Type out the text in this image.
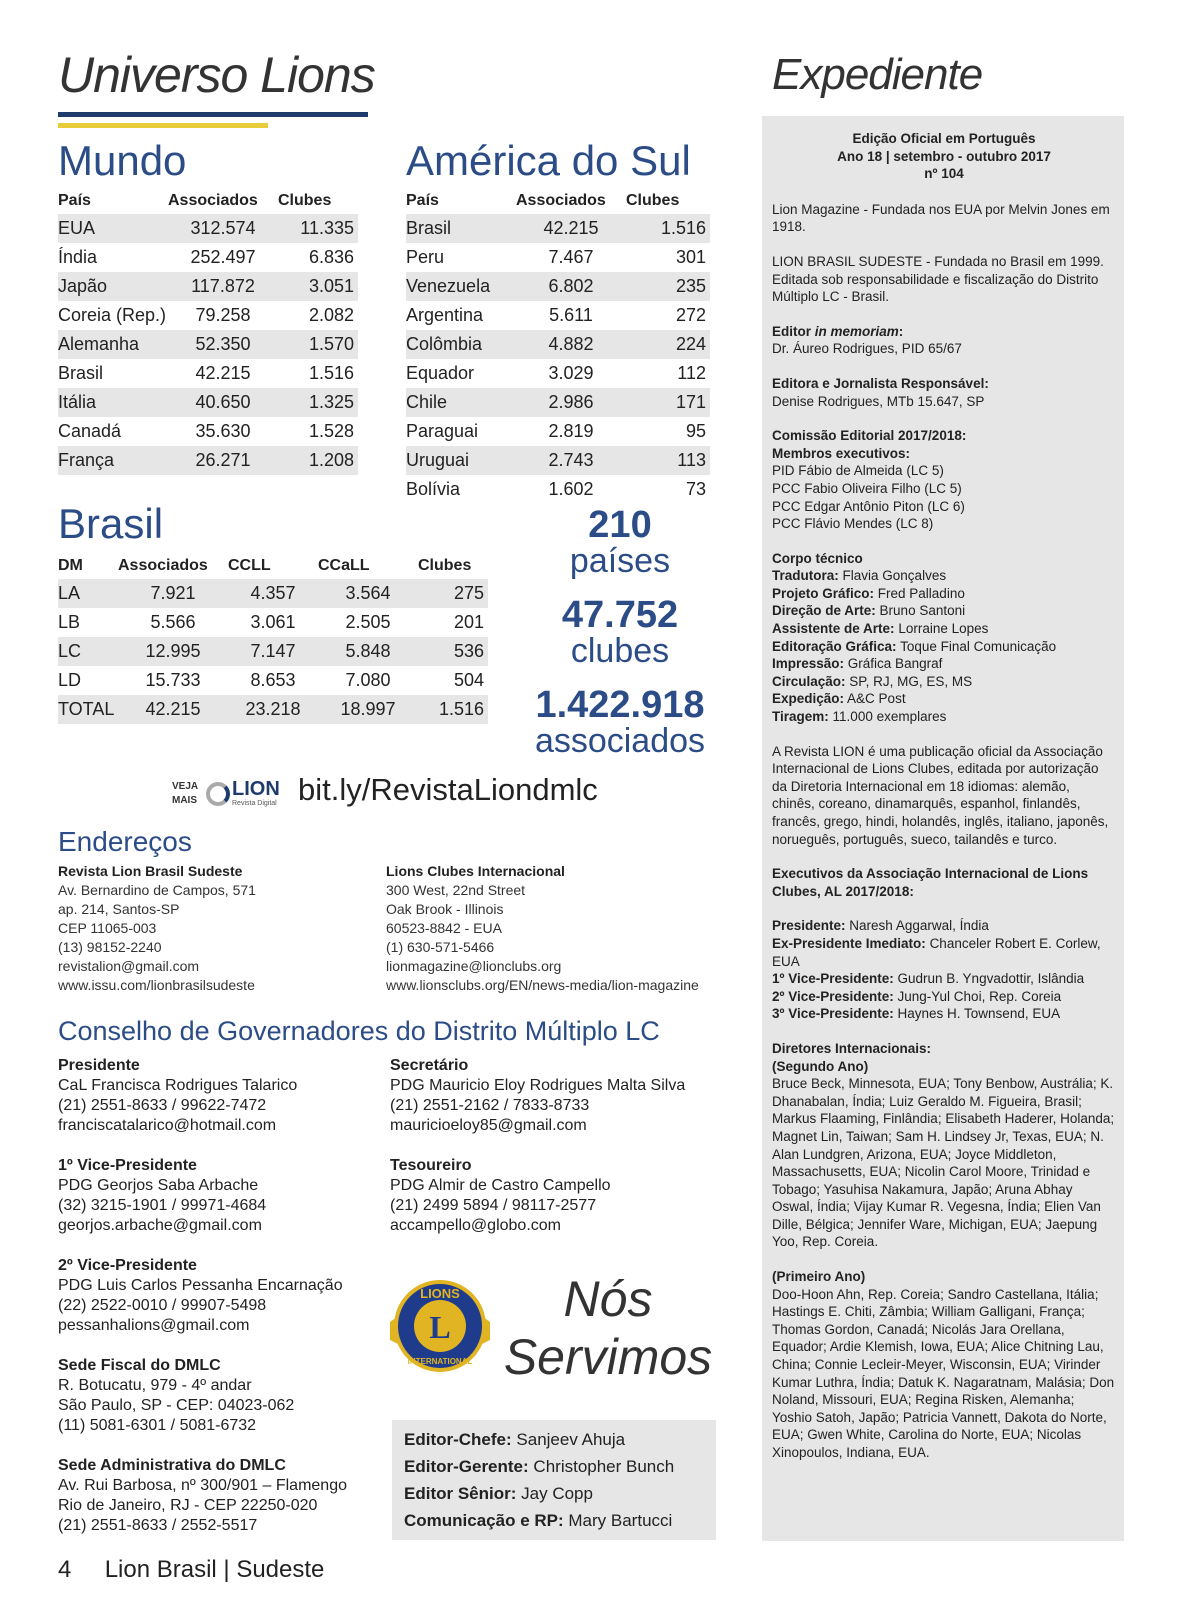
Universo Lions
Mundo
País	Associados	Clubes
EUA	312.574	11.335
Índia	252.497	6.836
Japão	117.872	3.051
Coreia (Rep.)	79.258	2.082
Alemanha	52.350	1.570
Brasil	42.215	1.516
Itália	40.650	1.325
Canadá	35.630	1.528
França	26.271	1.208
América do Sul
País	Associados	Clubes
Brasil	42.215	1.516
Peru	7.467	301
Venezuela	6.802	235
Argentina	5.611	272
Colômbia	4.882	224
Equador	3.029	112
Chile	2.986	171
Paraguai	2.819	95
Uruguai	2.743	113
Bolívia	1.602	73
Brasil
DM	Associados	CCLL	CCaLL	Clubes
LA	7.921	4.357	3.564	275
LB	5.566	3.061	2.505	201
LC	12.995	7.147	5.848	536
LD	15.733	8.653	7.080	504
TOTAL	42.215	23.218	18.997	1.516
210
países
47.752
clubes
1.422.918
associados
VEJA
MAIS
LION
Revista Digital bit.ly/RevistaLiondmlc
Endereços
Revista Lion Brasil Sudeste
Av. Bernardino de Campos, 571
ap. 214, Santos-SP
CEP 11065-003
(13) 98152-2240
revistalion@gmail.com
www.issu.com/lionbrasilsudeste
Lions Clubes Internacional
300 West, 22nd Street
Oak Brook - Illinois
60523-8842 - EUA
(1) 630-571-5466
lionmagazine@lionclubs.org
www.lionsclubs.org/EN/news-media/lion-magazine
Conselho de Governadores do Distrito Múltiplo LC
Presidente
CaL Francisca Rodrigues Talarico
(21) 2551-8633 / 99622-7472
franciscatalarico@hotmail.com
1º Vice-Presidente
PDG Georjos Saba Arbache
(32) 3215-1901 / 99971-4684
georjos.arbache@gmail.com
2º Vice-Presidente
PDG Luis Carlos Pessanha Encarnação
(22) 2522-0010 / 99907-5498
pessanhalions@gmail.com
Sede Fiscal do DMLC
R. Botucatu, 979 - 4º andar
São Paulo, SP - CEP: 04023-062
(11) 5081-6301 / 5081-6732
Sede Administrativa do DMLC
Av. Rui Barbosa, nº 300/901 – Flamengo
Rio de Janeiro, RJ - CEP 22250-020
(21) 2551-8633 / 2552-5517
Secretário
PDG Mauricio Eloy Rodrigues Malta Silva
(21) 2551-2162 / 7833-8733
mauricioeloy85@gmail.com
Tesoureiro
PDG Almir de Castro Campello
(21) 2499 5894 / 98117-2577
accampello@globo.com
L
LIONS
INTERNATIONAL
Nós
Servimos
Editor-Chefe: Sanjeev Ahuja
Editor-Gerente: Christopher Bunch
Editor Sênior: Jay Copp
Comunicação e RP: Mary Bartucci
4 Lion Brasil | Sudeste
Expediente
Edição Oficial em Português
Ano 18 | setembro - outubro 2017
nº 104

Lion Magazine - Fundada nos EUA por Melvin Jones em 1918.

LION BRASIL SUDESTE - Fundada no Brasil em 1999. Editada sob responsabilidade e fiscalização do Distrito Múltiplo LC - Brasil.

Editor in memoriam:
Dr. Áureo Rodrigues, PID 65/67

Editora e Jornalista Responsável:
Denise Rodrigues, MTb 15.647, SP

Comissão Editorial 2017/2018:
Membros executivos:
PID Fábio de Almeida (LC 5)
PCC Fabio Oliveira Filho (LC 5)
PCC Edgar Antônio Piton (LC 6)
PCC Flávio Mendes (LC 8)

Corpo técnico
Tradutora: Flavia Gonçalves
Projeto Gráfico: Fred Palladino
Direção de Arte: Bruno Santoni
Assistente de Arte: Lorraine Lopes
Editoração Gráfica: Toque Final Comunicação
Impressão: Gráfica Bangraf
Circulação: SP, RJ, MG, ES, MS
Expedição: A&C Post
Tiragem: 11.000 exemplares

A Revista LION é uma publicação oficial da Associação Internacional de Lions Clubes, editada por autorização da Diretoria Internacional em 18 idiomas: alemão, chinês, coreano, dinamarquês, espanhol, finlandês, francês, grego, hindi, holandês, inglês, italiano, japonês, norueguês, português, sueco, tailandês e turco.

Executivos da Associação Internacional de Lions Clubes, AL 2017/2018:

Presidente: Naresh Aggarwal, Índia
Ex-Presidente Imediato: Chanceler Robert E. Corlew, EUA
1º Vice-Presidente: Gudrun B. Yngvadottir, Islândia
2º Vice-Presidente: Jung-Yul Choi, Rep. Coreia
3º Vice-Presidente: Haynes H. Townsend, EUA

Diretores Internacionais:
(Segundo Ano)
Bruce Beck, Minnesota, EUA; Tony Benbow, Austrália; K. Dhanabalan, Índia; Luiz Geraldo M. Figueira, Brasil; Markus Flaaming, Finlândia; Elisabeth Haderer, Holanda; Magnet Lin, Taiwan; Sam H. Lindsey Jr, Texas, EUA; N. Alan Lundgren, Arizona, EUA; Joyce Middleton, Massachusetts, EUA; Nicolin Carol Moore, Trinidad e Tobago; Yasuhisa Nakamura, Japão; Aruna Abhay Oswal, Índia; Vijay Kumar R. Vegesna, Índia; Elien Van Dille, Bélgica; Jennifer Ware, Michigan, EUA; Jaepung Yoo, Rep. Coreia.

(Primeiro Ano)
Doo-Hoon Ahn, Rep. Coreia; Sandro Castellana, Itália; Hastings E. Chiti, Zâmbia; William Galligani, França; Thomas Gordon, Canadá; Nicolás Jara Orellana, Equador; Ardie Klemish, Iowa, EUA; Alice Chitning Lau, China; Connie Lecleir-Meyer, Wisconsin, EUA; Virinder Kumar Luthra, Índia; Datuk K. Nagaratnam, Malásia; Don Noland, Missouri, EUA; Regina Risken, Alemanha; Yoshio Satoh, Japão; Patricia Vannett, Dakota do Norte, EUA; Gwen White, Carolina do Norte, EUA; Nicolas Xinopoulos, Indiana, EUA.
